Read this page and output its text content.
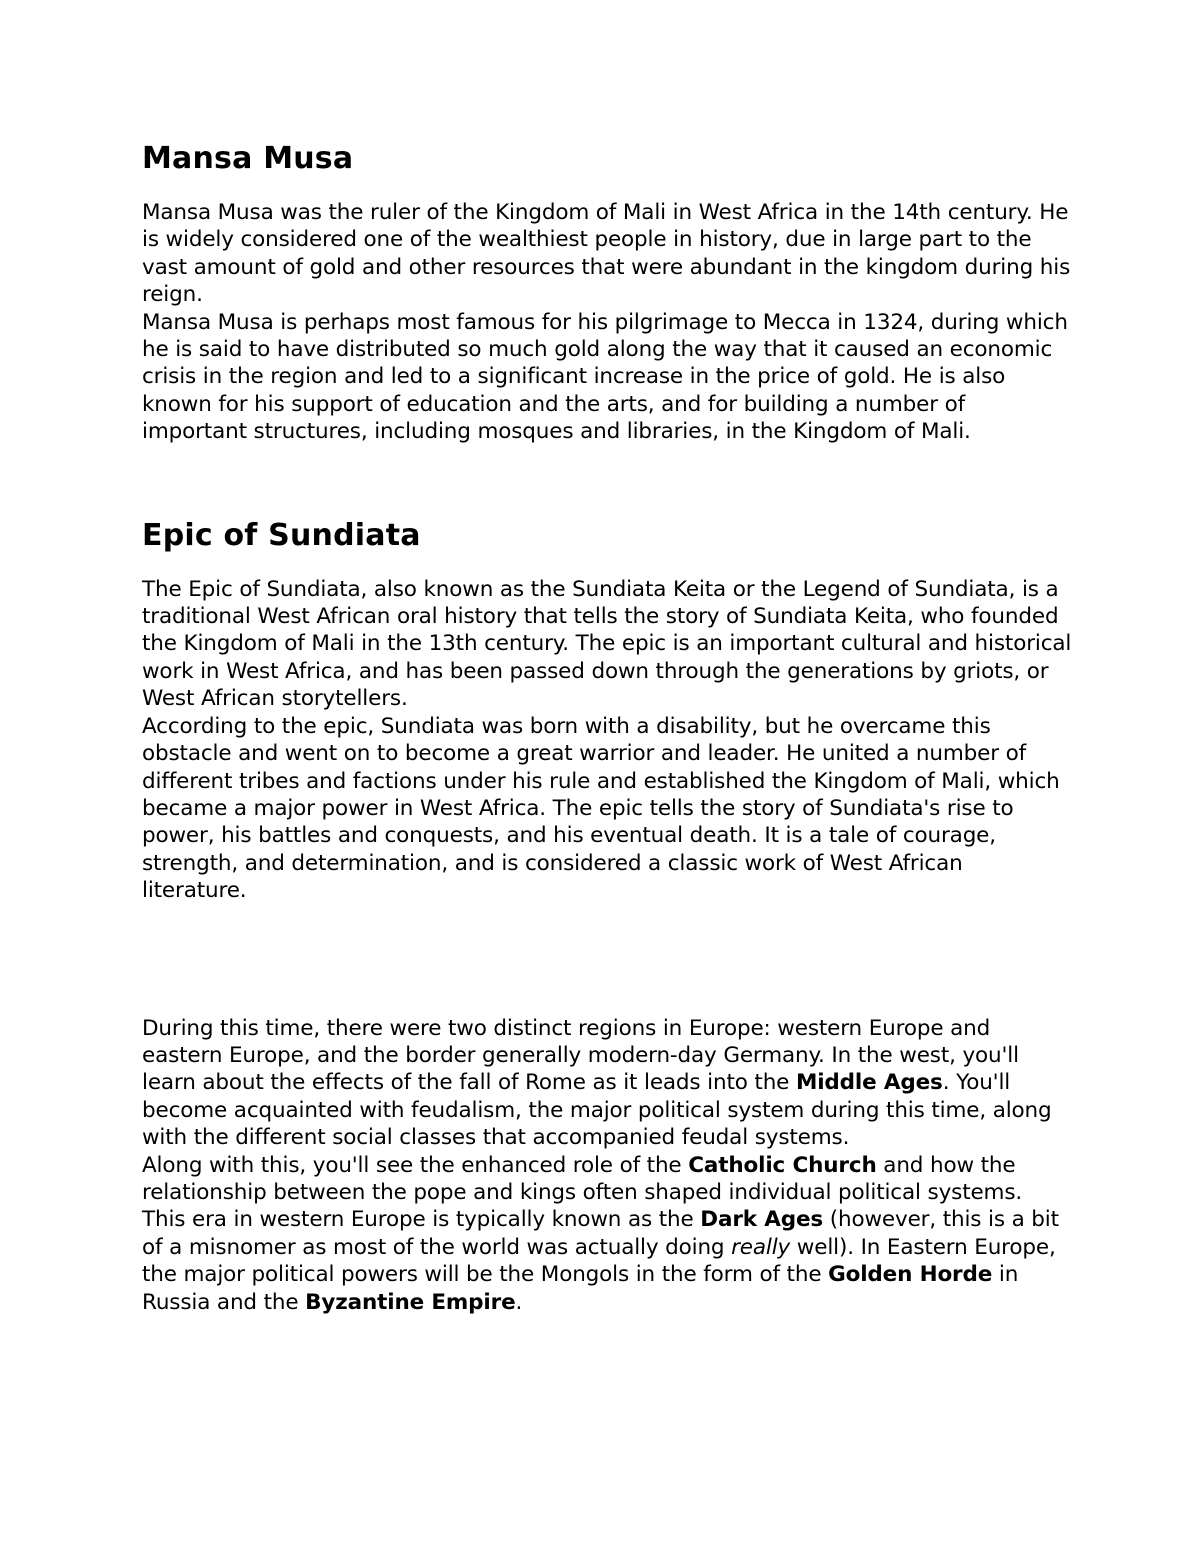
Mansa Musa

Mansa Musa was the ruler of the Kingdom of Mali in West Africa in the 14th century. He is widely considered one of the wealthiest people in history, due in large part to the vast amount of gold and other resources that were abundant in the kingdom during his reign.

Mansa Musa is perhaps most famous for his pilgrimage to Mecca in 1324, during which he is said to have distributed so much gold along the way that it caused an economic crisis in the region and led to a significant increase in the price of gold. He is also known for his support of education and the arts, and for building a number of important structures, including mosques and libraries, in the Kingdom of Mali.

Epic of Sundiata

The Epic of Sundiata, also known as the Sundiata Keita or the Legend of Sundiata, is a traditional West African oral history that tells the story of Sundiata Keita, who founded the Kingdom of Mali in the 13th century. The epic is an important cultural and historical work in West Africa, and has been passed down through the generations by griots, or West African storytellers.

According to the epic, Sundiata was born with a disability, but he overcame this obstacle and went on to become a great warrior and leader. He united a number of different tribes and factions under his rule and established the Kingdom of Mali, which became a major power in West Africa. The epic tells the story of Sundiata's rise to power, his battles and conquests, and his eventual death. It is a tale of courage, strength, and determination, and is considered a classic work of West African literature.

During this time, there were two distinct regions in Europe: western Europe and eastern Europe, and the border generally modern-day Germany. In the west, you'll learn about the effects of the fall of Rome as it leads into the Middle Ages. You'll become acquainted with feudalism, the major political system during this time, along with the different social classes that accompanied feudal systems.

Along with this, you'll see the enhanced role of the Catholic Church and how the relationship between the pope and kings often shaped individual political systems. This era in western Europe is typically known as the Dark Ages (however, this is a bit of a misnomer as most of the world was actually doing really well). In Eastern Europe, the major political powers will be the Mongols in the form of the Golden Horde in Russia and the Byzantine Empire.
